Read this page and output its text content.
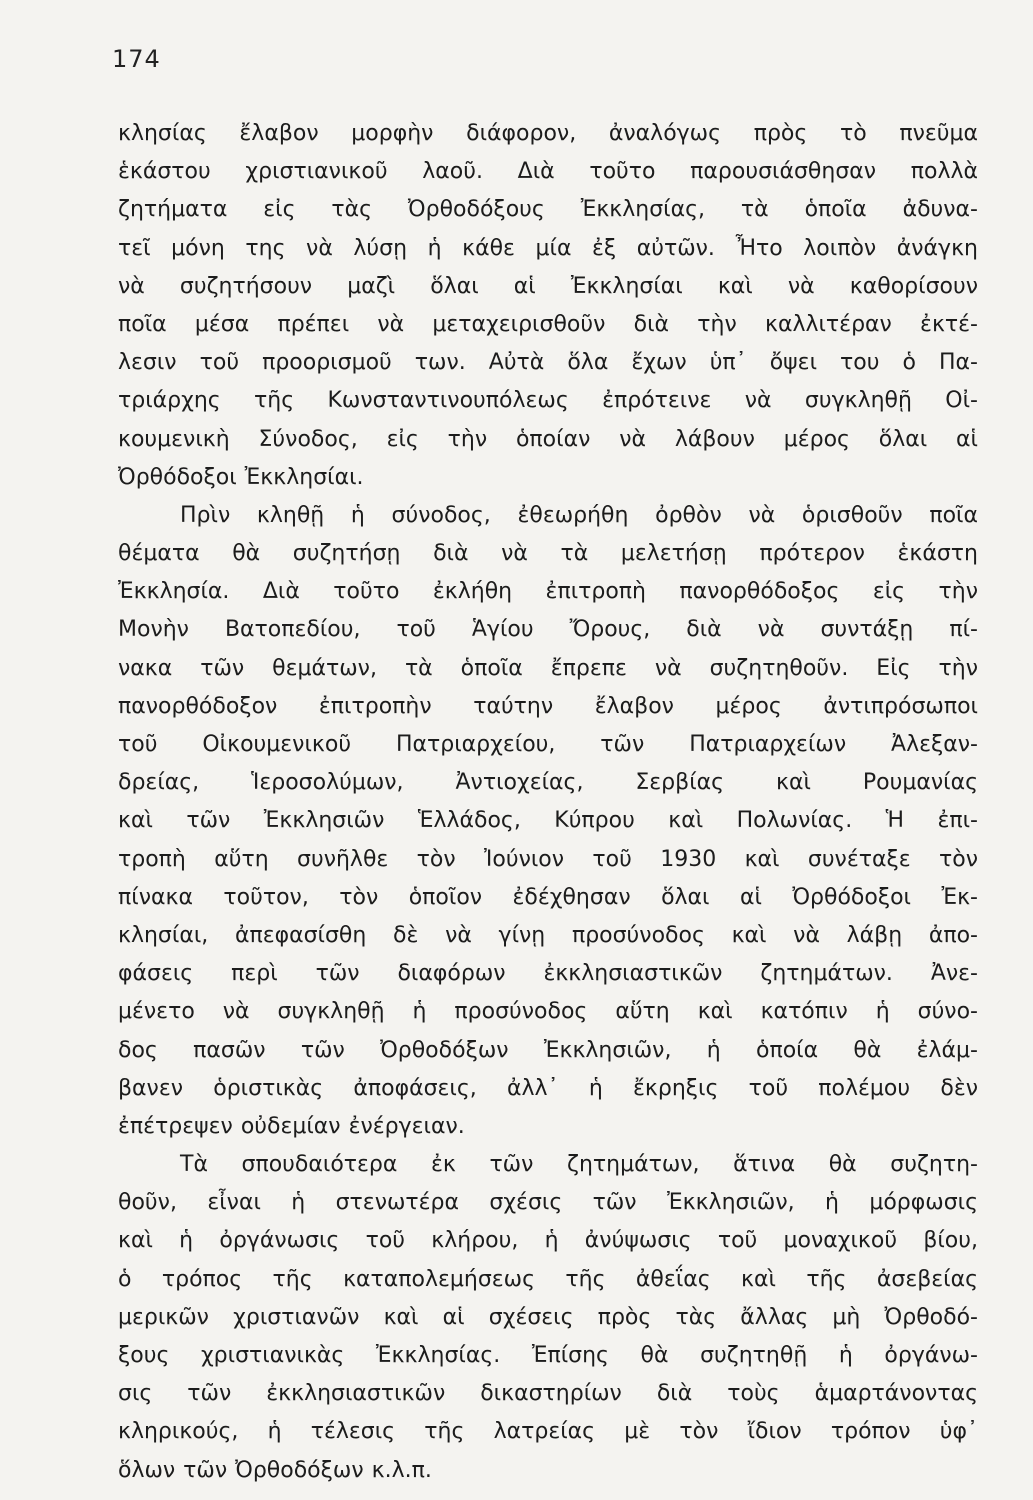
174
κλησίας ἔλαβον μορφὴν διάφορον, ἀναλόγως πρὸς τὸ πνεῦμα
ἑκάστου χριστιανικοῦ λαοῦ. Διὰ τοῦτο παρουσιάσθησαν πολλὰ
ζητήματα εἰς τὰς Ὀρθοδόξους Ἐκκλησίας, τὰ ὁποῖα ἀδυνα-
τεῖ μόνη της νὰ λύσῃ ἡ κάθε μία ἐξ αὐτῶν. Ἦτο λοιπὸν ἀνάγκη
νὰ συζητήσουν μαζὶ ὅλαι αἱ Ἐκκλησίαι καὶ νὰ καθορίσουν
ποῖα μέσα πρέπει νὰ μεταχειρισθοῦν διὰ τὴν καλλιτέραν ἐκτέ-
λεσιν τοῦ προορισμοῦ των. Αὐτὰ ὅλα ἔχων ὑπ᾽ ὄψει του ὁ Πα-
τριάρχης τῆς Κωνσταντινουπόλεως ἐπρότεινε νὰ συγκληθῇ Οἰ-
κουμενικὴ Σύνοδος, εἰς τὴν ὁποίαν νὰ λάβουν μέρος ὅλαι αἱ
Ὀρθόδοξοι Ἐκκλησίαι.
Πρὶν κληθῇ ἡ σύνοδος, ἐθεωρήθη ὀρθὸν νὰ ὁρισθοῦν ποῖα
θέματα θὰ συζητήσῃ διὰ νὰ τὰ μελετήσῃ πρότερον ἑκάστη
Ἐκκλησία. Διὰ τοῦτο ἐκλήθη ἐπιτροπὴ πανορθόδοξος εἰς τὴν
Μονὴν Βατοπεδίου, τοῦ Ἁγίου Ὄρους, διὰ νὰ συντάξῃ πί-
νακα τῶν θεμάτων, τὰ ὁποῖα ἔπρεπε νὰ συζητηθοῦν. Εἰς τὴν
πανορθόδοξον ἐπιτροπὴν ταύτην ἔλαβον μέρος ἀντιπρόσωποι
τοῦ Οἰκουμενικοῦ Πατριαρχείου, τῶν Πατριαρχείων Ἀλεξαν-
δρείας, Ἱεροσολύμων, Ἀντιοχείας, Σερβίας καὶ Ρουμανίας
καὶ τῶν Ἐκκλησιῶν Ἑλλάδος, Κύπρου καὶ Πολωνίας. Ἡ ἐπι-
τροπὴ αὕτη συνῆλθε τὸν Ἰούνιον τοῦ 1930 καὶ συνέταξε τὸν
πίνακα τοῦτον, τὸν ὁποῖον ἐδέχθησαν ὅλαι αἱ Ὀρθόδοξοι Ἐκ-
κλησίαι, ἀπεφασίσθη δὲ νὰ γίνῃ προσύνοδος καὶ νὰ λάβῃ ἀπο-
φάσεις περὶ τῶν διαφόρων ἐκκλησιαστικῶν ζητημάτων. Ἀνε-
μένετο νὰ συγκληθῇ ἡ προσύνοδος αὕτη καὶ κατόπιν ἡ σύνο-
δος πασῶν τῶν Ὀρθοδόξων Ἐκκλησιῶν, ἡ ὁποία θὰ ἐλάμ-
βανεν ὁριστικὰς ἀποφάσεις, ἀλλ᾽ ἡ ἔκρηξις τοῦ πολέμου δὲν
ἐπέτρεψεν οὐδεμίαν ἐνέργειαν.
Τὰ σπουδαιότερα ἐκ τῶν ζητημάτων, ἅτινα θὰ συζητη-
θοῦν, εἶναι ἡ στενωτέρα σχέσις τῶν Ἐκκλησιῶν, ἡ μόρφωσις
καὶ ἡ ὀργάνωσις τοῦ κλήρου, ἡ ἀνύψωσις τοῦ μοναχικοῦ βίου,
ὁ τρόπος τῆς καταπολεμήσεως τῆς ἀθεΐας καὶ τῆς ἀσεβείας
μερικῶν χριστιανῶν καὶ αἱ σχέσεις πρὸς τὰς ἄλλας μὴ Ὀρθοδό-
ξους χριστιανικὰς Ἐκκλησίας. Ἐπίσης θὰ συζητηθῇ ἡ ὀργάνω-
σις τῶν ἐκκλησιαστικῶν δικαστηρίων διὰ τοὺς ἁμαρτάνοντας
κληρικούς, ἡ τέλεσις τῆς λατρείας μὲ τὸν ἴδιον τρόπον ὑφ᾽
ὅλων τῶν Ὀρθοδόξων κ.λ.π.
